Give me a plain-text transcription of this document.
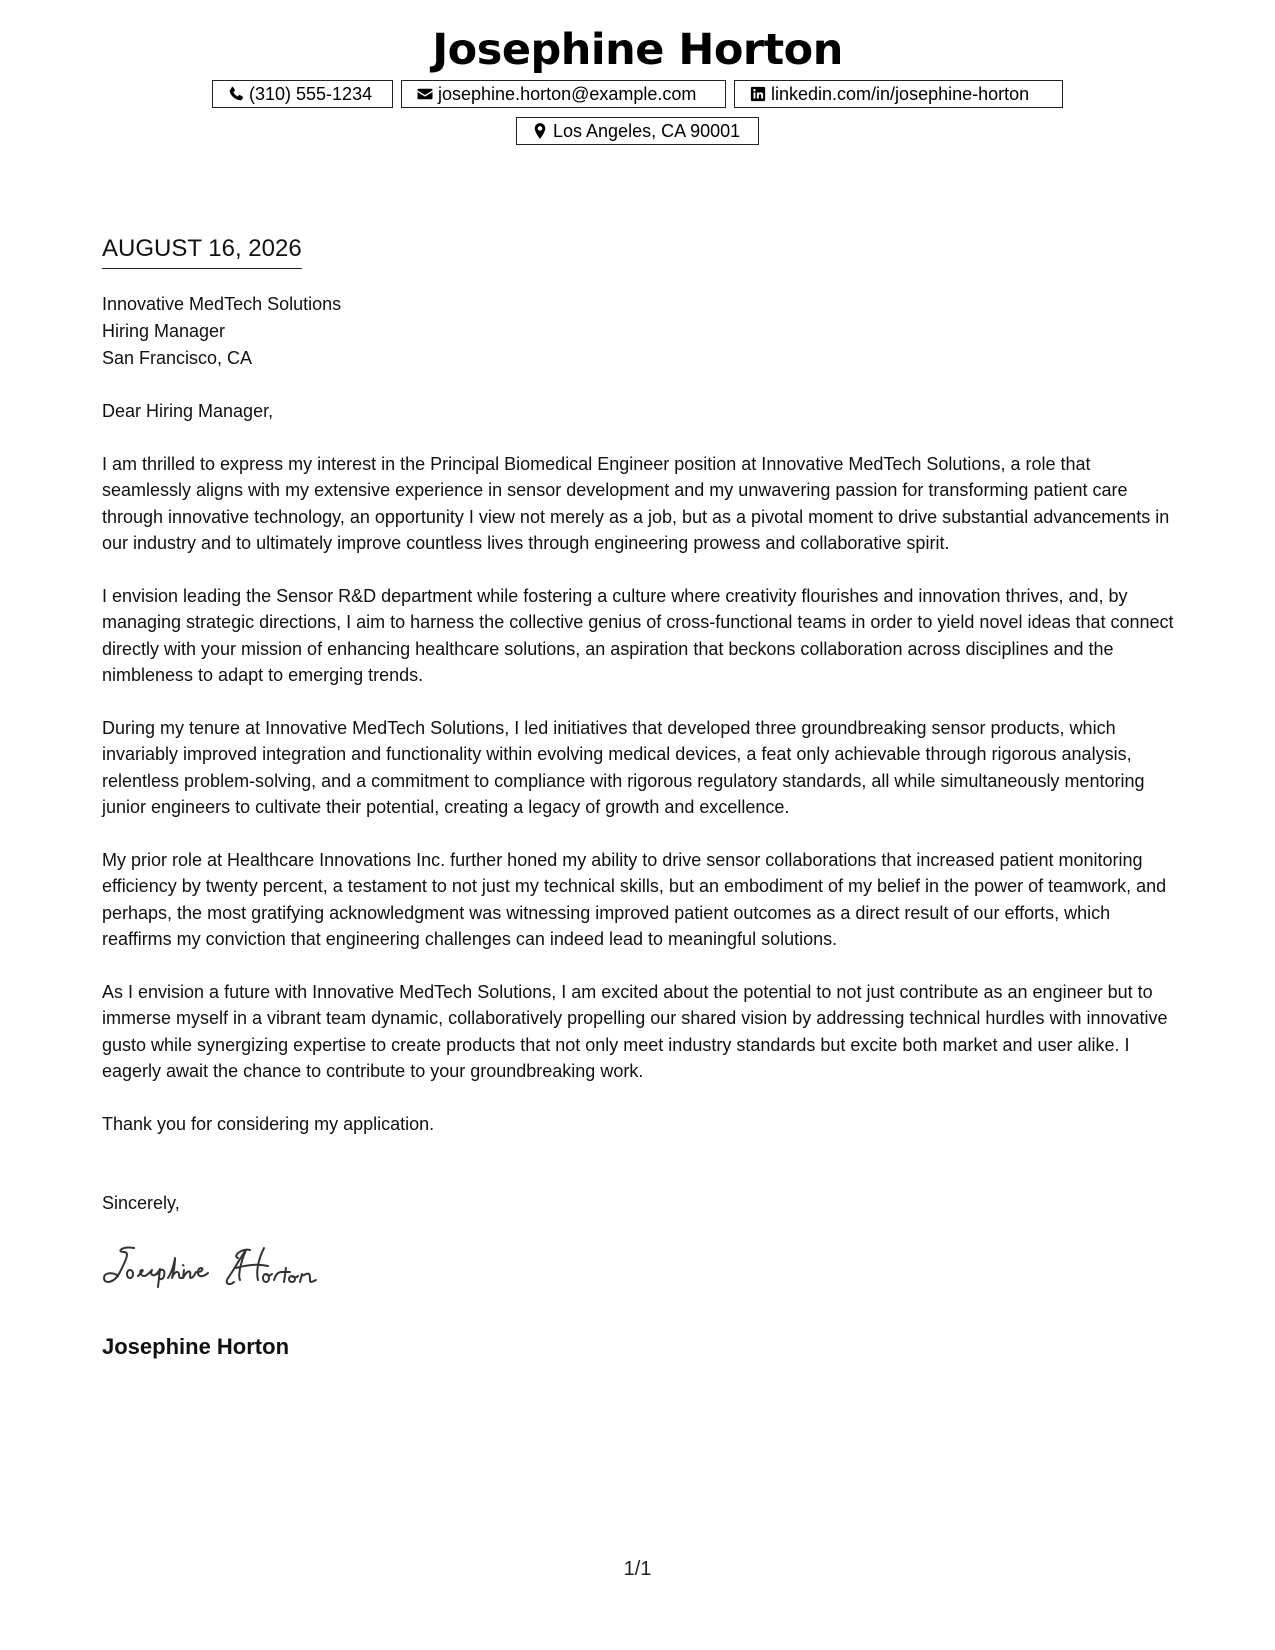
Josephine Horton
(310) 555-1234	josephine.horton@example.com	linkedin.com/in/josephine-horton
Los Angeles, CA 90001
AUGUST 16, 2026
Innovative MedTech Solutions
Hiring Manager
San Francisco, CA

Dear Hiring Manager,

I am thrilled to express my interest in the Principal Biomedical Engineer position at Innovative MedTech Solutions, a role that seamlessly aligns with my extensive experience in sensor development and my unwavering passion for transforming patient care through innovative technology, an opportunity I view not merely as a job, but as a pivotal moment to drive substantial advancements in our industry and to ultimately improve countless lives through engineering prowess and collaborative spirit.

I envision leading the Sensor R&D department while fostering a culture where creativity flourishes and innovation thrives, and, by managing strategic directions, I aim to harness the collective genius of cross-functional teams in order to yield novel ideas that connect directly with your mission of enhancing healthcare solutions, an aspiration that beckons collaboration across disciplines and the nimbleness to adapt to emerging trends.

During my tenure at Innovative MedTech Solutions, I led initiatives that developed three groundbreaking sensor products, which invariably improved integration and functionality within evolving medical devices, a feat only achievable through rigorous analysis, relentless problem-solving, and a commitment to compliance with rigorous regulatory standards, all while simultaneously mentoring junior engineers to cultivate their potential, creating a legacy of growth and excellence.

My prior role at Healthcare Innovations Inc. further honed my ability to drive sensor collaborations that increased patient monitoring efficiency by twenty percent, a testament to not just my technical skills, but an embodiment of my belief in the power of teamwork, and perhaps, the most gratifying acknowledgment was witnessing improved patient outcomes as a direct result of our efforts, which reaffirms my conviction that engineering challenges can indeed lead to meaningful solutions.

As I envision a future with Innovative MedTech Solutions, I am excited about the potential to not just contribute as an engineer but to immerse myself in a vibrant team dynamic, collaboratively propelling our shared vision by addressing technical hurdles with innovative gusto while synergizing expertise to create products that not only meet industry standards but excite both market and user alike. I eagerly await the chance to contribute to your groundbreaking work.

Thank you for considering my application.

Sincerely,
Josephine Horton
1/1
